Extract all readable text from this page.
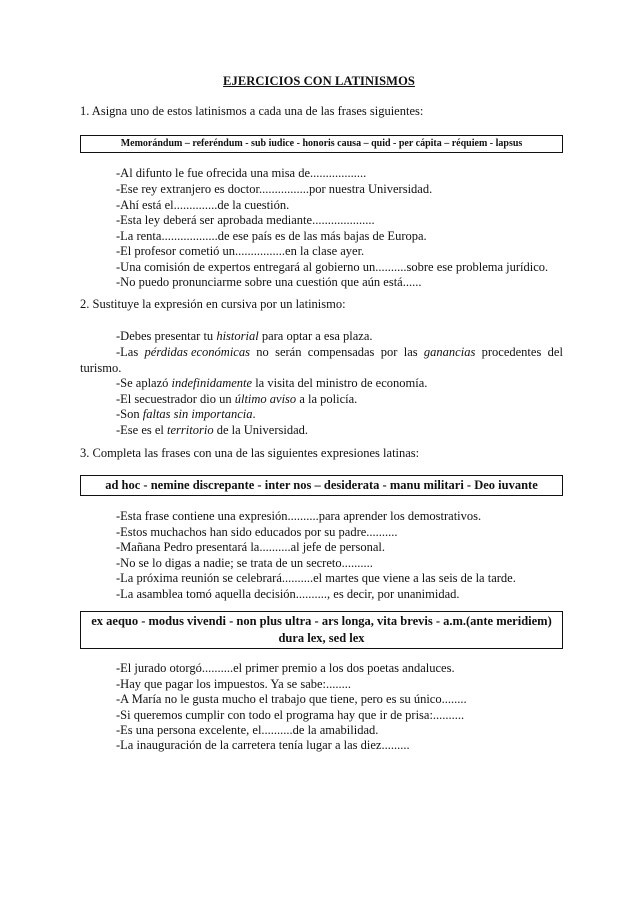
EJERCICIOS CON LATINISMOS
1. Asigna uno de estos latinismos a cada una de las frases siguientes:
Memorándum – referéndum - sub iudice - honoris causa – quid - per cápita – réquiem - lapsus
-Al difunto le fue ofrecida una misa de..................
-Ese rey extranjero es doctor................por nuestra Universidad.
-Ahí está el..............de la cuestión.
-Esta ley deberá ser aprobada mediante....................
-La renta..................de ese país es de las más bajas de Europa.
-El profesor cometió un................en la clase ayer.
-Una comisión de expertos entregará al gobierno un..........sobre ese problema jurídico.
-No puedo pronunciarme sobre una cuestión que aún está......
2. Sustituye la expresión en cursiva por un latinismo:
-Debes presentar tu historial para optar a esa plaza.
-Las pérdidas económicas no serán compensadas por las ganancias procedentes del
turismo.
-Se aplazó indefinidamente la visita del ministro de economía.
-El secuestrador dio un último aviso a la policía.
-Son faltas sin importancia.
-Ese es el territorio de la Universidad.
3. Completa las frases con una de las siguientes expresiones latinas:
ad hoc - nemine discrepante - inter nos – desiderata - manu militari - Deo iuvante
-Esta frase contiene una expresión..........para aprender los demostrativos.
-Estos muchachos han sido educados por su padre..........
-Mañana Pedro presentará la..........al jefe de personal.
-No se lo digas a nadie; se trata de un secreto..........
-La próxima reunión se celebrará..........el martes que viene a las seis de la tarde.
-La asamblea tomó aquella decisión.........., es decir, por unanimidad.
ex aequo - modus vivendi - non plus ultra - ars longa, vita brevis - a.m.(ante meridiem)
dura lex, sed lex
-El jurado otorgó..........el primer premio a los dos poetas andaluces.
-Hay que pagar los impuestos. Ya se sabe:........
-A María no le gusta mucho el trabajo que tiene, pero es su único........
-Si queremos cumplir con todo el programa hay que ir de prisa:..........
-Es una persona excelente, el..........de la amabilidad.
-La inauguración de la carretera tenía lugar a las diez.........
